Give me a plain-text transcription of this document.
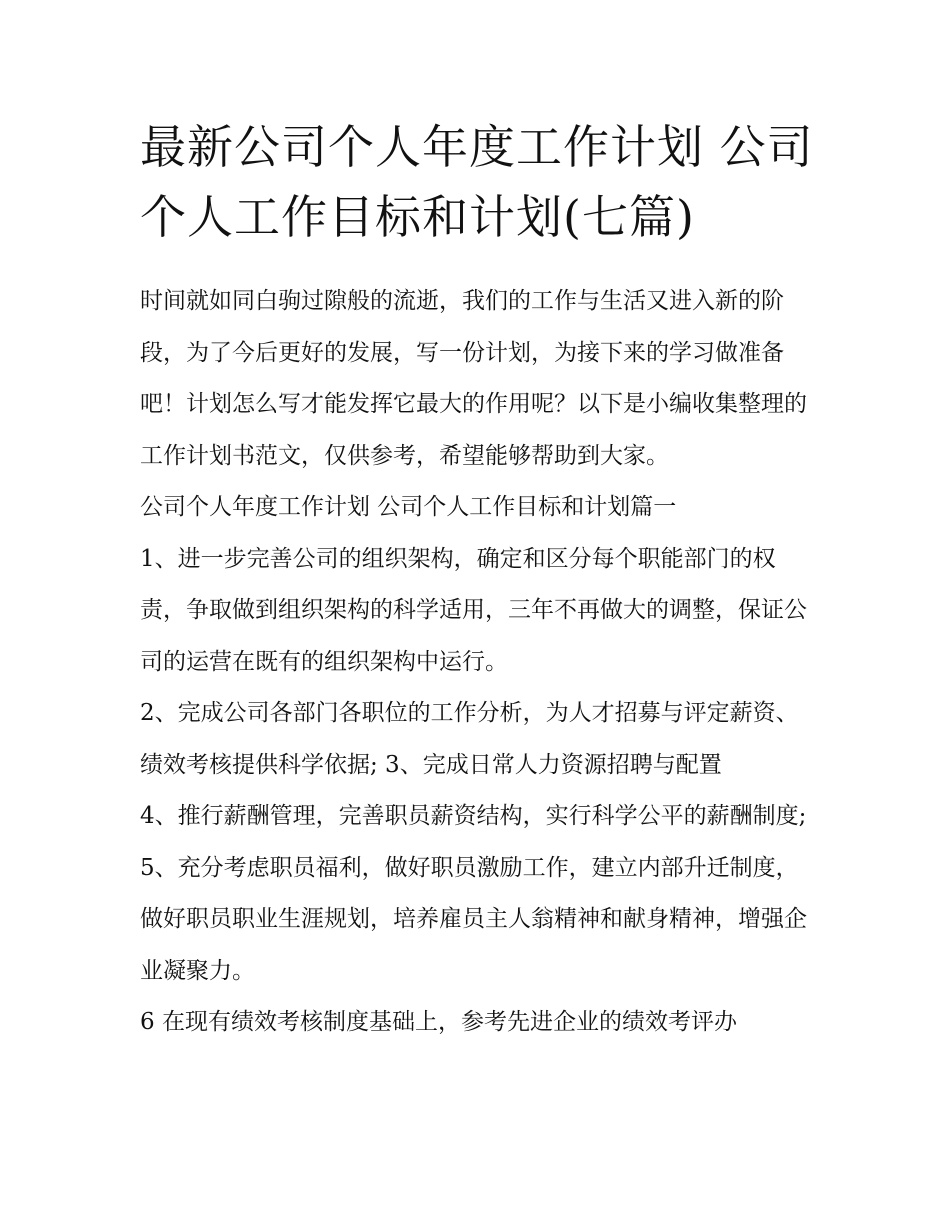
最新公司个人年度工作计划 公司个人工作目标和计划(七篇)

时间就如同白驹过隙般的流逝，我们的工作与生活又进入新的阶段，为了今后更好的发展，写一份计划，为接下来的学习做准备吧！计划怎么写才能发挥它最大的作用呢？以下是小编收集整理的工作计划书范文，仅供参考，希望能够帮助到大家。

公司个人年度工作计划 公司个人工作目标和计划篇一

1、进一步完善公司的组织架构，确定和区分每个职能部门的权责，争取做到组织架构的科学适用，三年不再做大的调整，保证公司的运营在既有的组织架构中运行。

2、完成公司各部门各职位的工作分析，为人才招募与评定薪资、绩效考核提供科学依据; 3、完成日常人力资源招聘与配置

4、推行薪酬管理，完善职员薪资结构，实行科学公平的薪酬制度;

5、充分考虑职员福利，做好职员激励工作，建立内部升迁制度，做好职员职业生涯规划，培养雇员主人翁精神和献身精神，增强企业凝聚力。

6 在现有绩效考核制度基础上，参考先进企业的绩效考评办
